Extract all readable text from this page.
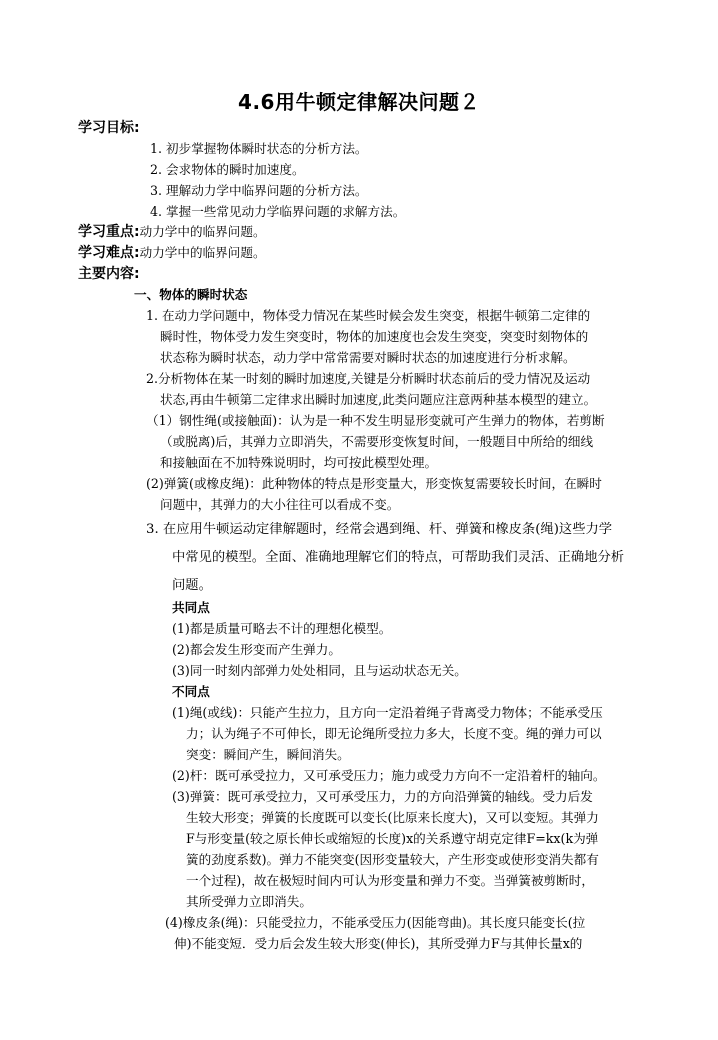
4.6用牛顿定律解决问题２
学习目标:
1. 初步掌握物体瞬时状态的分析方法。
2. 会求物体的瞬时加速度。
3. 理解动力学中临界问题的分析方法。
4. 掌握一些常见动力学临界问题的求解方法。
学习重点:动力学中的临界问题。
学习难点:动力学中的临界问题。
主要内容:
一、物体的瞬时状态
1. 在动力学问题中，物体受力情况在某些时候会发生突变，根据牛顿第二定律的
瞬时性，物体受力发生突变时，物体的加速度也会发生突变，突变时刻物体的
状态称为瞬时状态，动力学中常常需要对瞬时状态的加速度进行分析求解。
2.分析物体在某一时刻的瞬时加速度,关键是分析瞬时状态前后的受力情况及运动
状态,再由牛顿第二定律求出瞬时加速度,此类问题应注意两种基本模型的建立。
（1）钢性绳(或接触面)：认为是一种不发生明显形变就可产生弹力的物体，若剪断
（或脱离)后，其弹力立即消失，不需要形变恢复时间，一般题目中所给的细线
和接触面在不加特殊说明时，均可按此模型处理。
(2)弹簧(或橡皮绳)：此种物体的特点是形变量大，形变恢复需要较长时间，在瞬时
问题中，其弹力的大小往往可以看成不变。
3. 在应用牛顿运动定律解题时，经常会遇到绳、杆、弹簧和橡皮条(绳)这些力学
中常见的模型。全面、准确地理解它们的特点，可帮助我们灵活、正确地分析
问题。
共同点
(1)都是质量可略去不计的理想化模型。
(2)都会发生形变而产生弹力。
(3)同一时刻内部弹力处处相同，且与运动状态无关。
不同点
(1)绳(或线)：只能产生拉力，且方向一定沿着绳子背离受力物体；不能承受压
力；认为绳子不可伸长，即无论绳所受拉力多大，长度不变。绳的弹力可以
突变：瞬间产生，瞬间消失。
(2)杆：既可承受拉力，又可承受压力；施力或受力方向不一定沿着杆的轴向。
(3)弹簧：既可承受拉力，又可承受压力，力的方向沿弹簧的轴线。受力后发
生较大形变；弹簧的长度既可以变长(比原来长度大)，又可以变短。其弹力
F与形变量(较之原长伸长或缩短的长度)x的关系遵守胡克定律F=kx(k为弹
簧的劲度系数)。弹力不能突变(因形变量较大，产生形变或使形变消失都有
一个过程)，故在极短时间内可认为形变量和弹力不变。当弹簧被剪断时，
其所受弹力立即消失。
(4)橡皮条(绳)：只能受拉力，不能承受压力(因能弯曲)。其长度只能变长(拉
伸)不能变短．受力后会发生较大形变(伸长)，其所受弹力F与其伸长量x的
